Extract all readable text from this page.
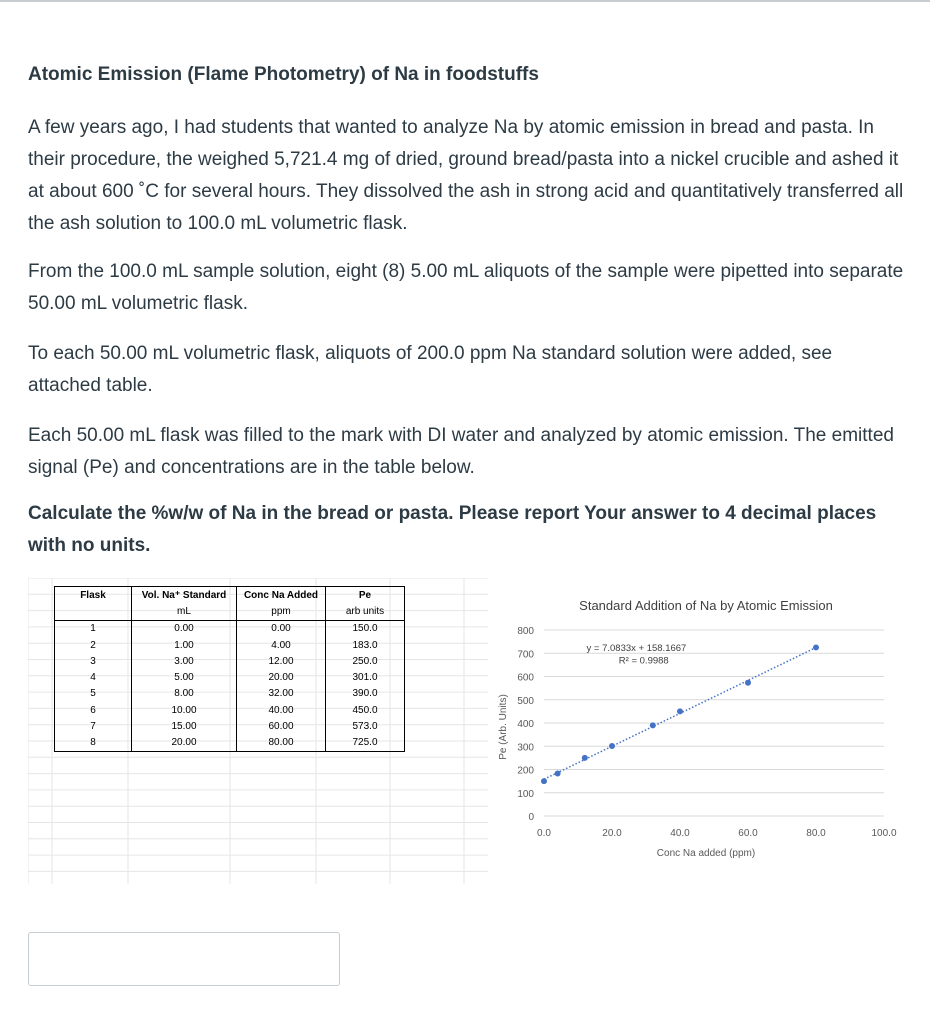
Atomic Emission (Flame Photometry) of Na in foodstuffs
A few years ago, I had students that wanted to analyze Na by atomic emission in bread and pasta. In their procedure, the weighed 5,721.4 mg of dried, ground bread/pasta into a nickel crucible and ashed it at about 600 ˚C for several hours. They dissolved the ash in strong acid and quantitatively transferred all the ash solution to 100.0 mL volumetric flask.
From the 100.0 mL sample solution, eight (8) 5.00 mL aliquots of the sample were pipetted into separate 50.00 mL volumetric flask.
To each 50.00 mL volumetric flask, aliquots of 200.0 ppm Na standard solution were added, see attached table.
Each 50.00 mL flask was filled to the mark with DI water and analyzed by atomic emission. The emitted signal (Pe) and concentrations are in the table below.
Calculate the %w/w of Na in the bread or pasta. Please report Your answer to 4 decimal places with no units.
Flask	Vol. Na⁺ Standard	Conc Na Added	Pe
	mL	ppm	arb units
1	0.00	0.00	150.0
2	1.00	4.00	183.0
3	3.00	12.00	250.0
4	5.00	20.00	301.0
5	8.00	32.00	390.0
6	10.00	40.00	450.0
7	15.00	60.00	573.0
8	20.00	80.00	725.0
0
100
200
300
400
500
600
700
800
0.0	20.0	40.0	60.0	80.0	100.0
Standard Addition of Na by Atomic Emission
Conc Na added (ppm)
Pe (Arb. Units)
y = 7.0833x + 158.1667
R² = 0.9988
